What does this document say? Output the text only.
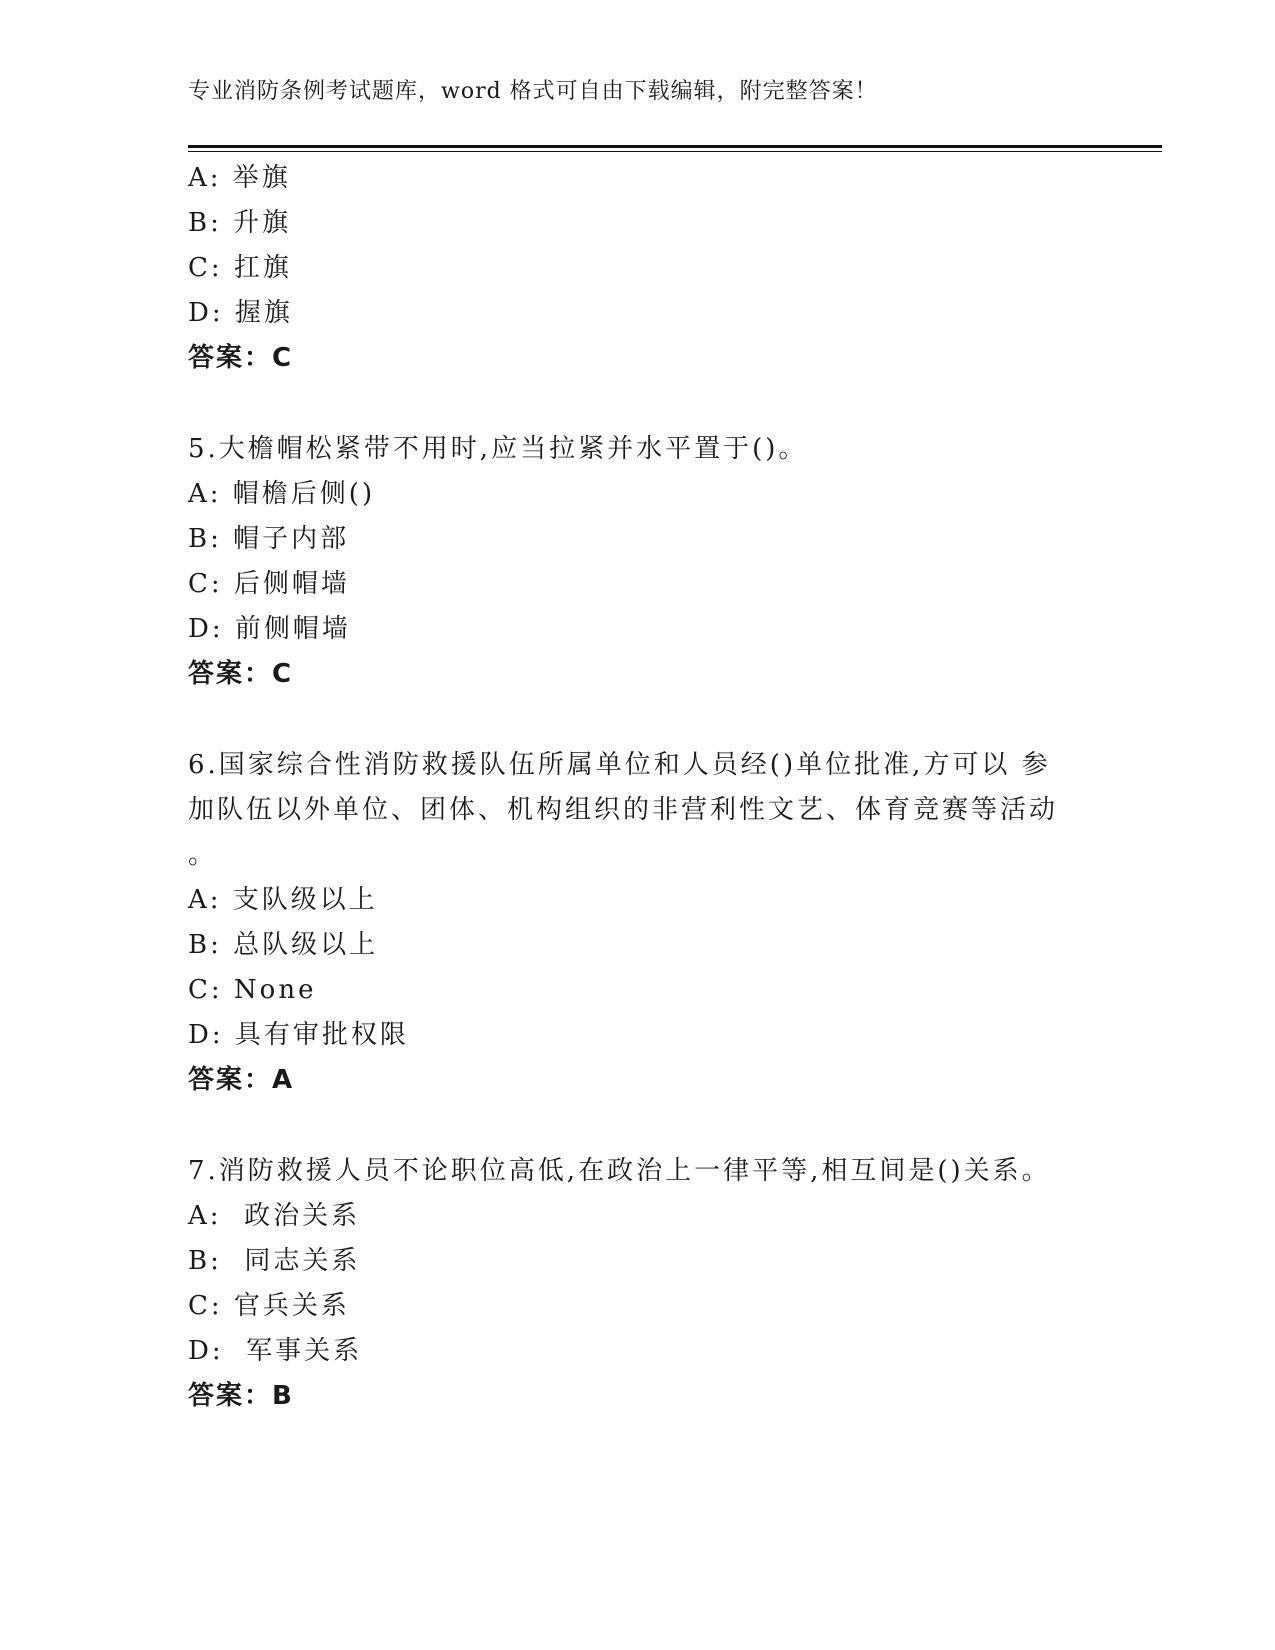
专业消防条例考试题库，word 格式可自由下载编辑，附完整答案！
A: 举旗
B: 升旗
C: 扛旗
D: 握旗
答案：C
5.大檐帽松紧带不用时,应当拉紧并水平置于()。
A: 帽檐后侧()
B: 帽子内部
C: 后侧帽墙
D: 前侧帽墙
答案：C
6.国家综合性消防救援队伍所属单位和人员经()单位批准,方可以 参
加队伍以外单位、团体、机构组织的非营利性文艺、体育竞赛等活动
。
A: 支队级以上
B: 总队级以上
C: None
D: 具有审批权限
答案：A
7.消防救援人员不论职位高低,在政治上一律平等,相互间是()关系。
A:  政治关系
B:  同志关系
C: 官兵关系
D:  军事关系
答案：B
